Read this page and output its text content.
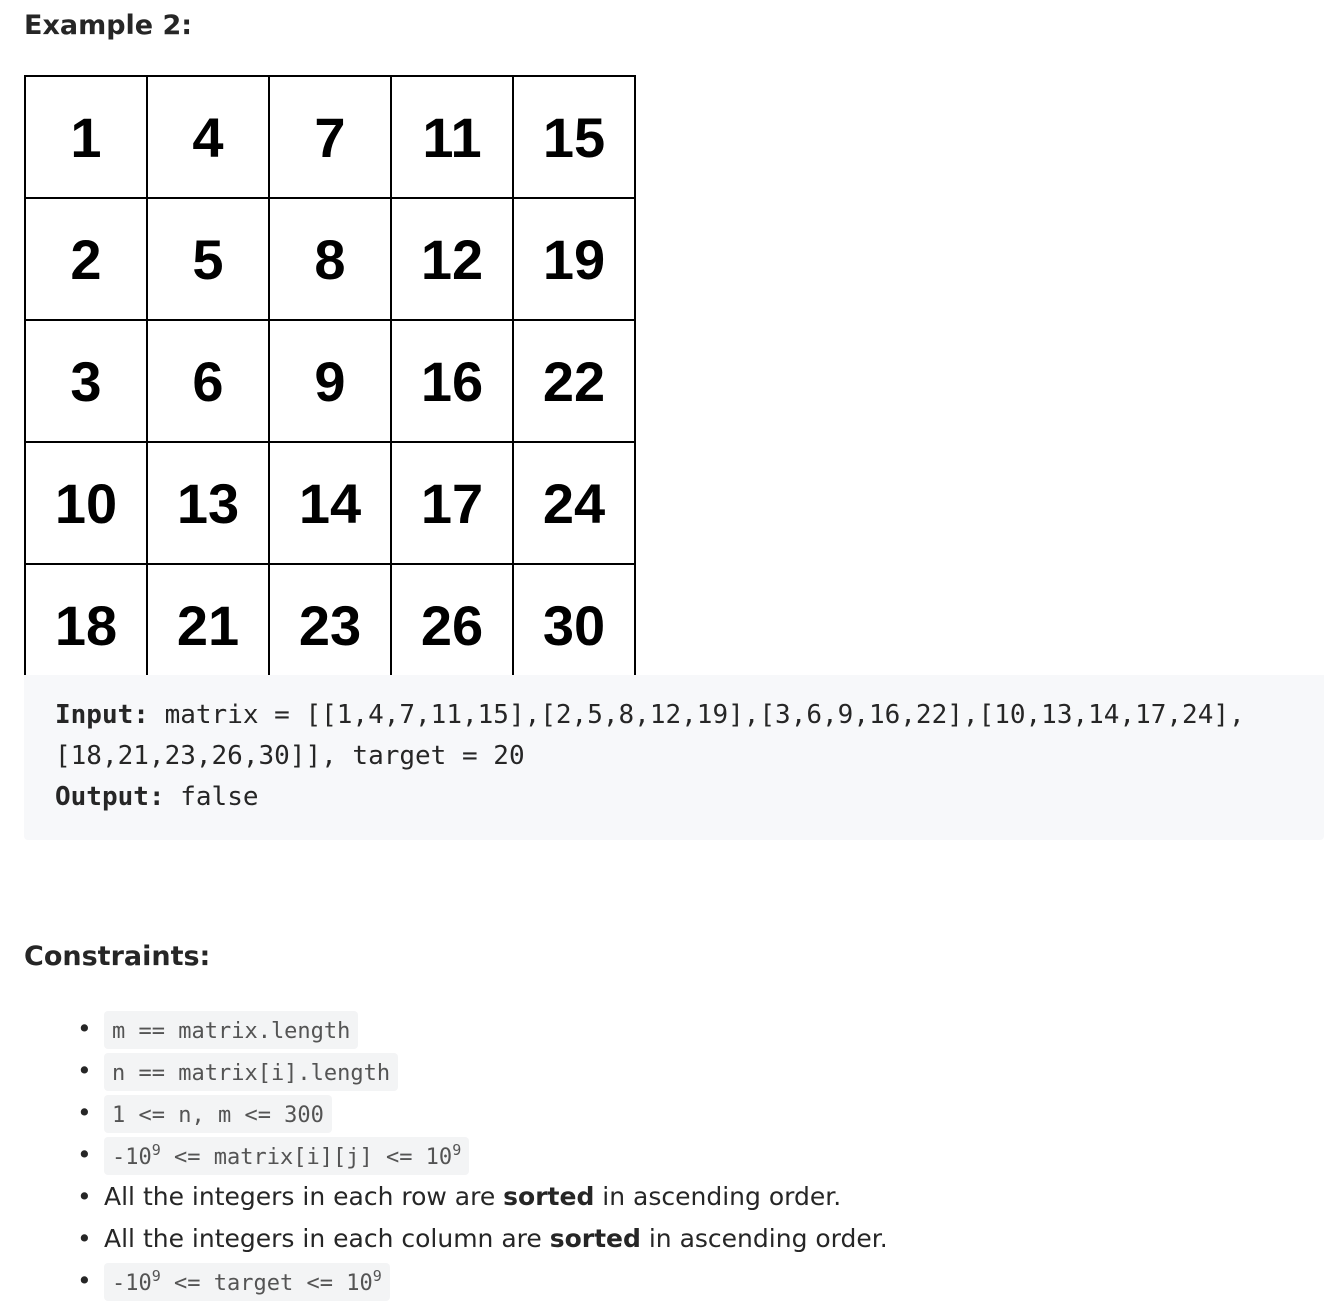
Example 2:
1	4	7	11	15
2	5	8	12	19
3	6	9	16	22
10	13	14	17	24
18	21	23	26	30
Input: matrix = [[1,4,7,11,15],[2,5,8,12,19],[3,6,9,16,22],[10,13,14,17,24],
[18,21,23,26,30]], target = 20
Output: false
Constraints:
• m == matrix.length
• n == matrix[i].length
• 1 <= n, m <= 300
• $-10^9$ <= matrix[i][j] <= $10^9$
• All the integers in each row are sorted in ascending order.
• All the integers in each column are sorted in ascending order.
• $-10^9$ <= target <= $10^9$
